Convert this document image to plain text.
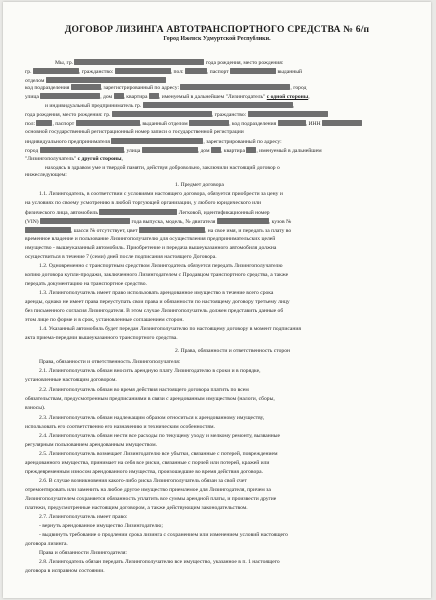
ДОГОВОР ЛИЗИНГА АВТОТРАНСПОРТНОГО СРЕДСТВА № 6/п
Город Ижевск Удмуртской Республики.
Мы, гр.	года рождения, место рождения:
гр.	, гражданство:	, пол:	, паспорт	выданный
отделом
код подразделения	, зарегистрированный по адресу:	, город
улица	, дом , квартира , именуемый в дальнейшем "Лизингодатель" с одной стороны,
и индивидуальный предприниматель гр.	,
года рождения, место рождения: гр.	, гражданство:
пол:	, паспорт	, выданный отделом	, код подразделения	, ИНН
основной государственный регистрационный номер записи о государственной регистрации
индивидуального предпринимателя	, зарегистрированный по адресу:
город	, улица	, дом , квартира , именуемый в дальнейшем
"Лизингополучатель" с другой стороны,
находясь в здравом уме и твердой памяти, действуя добровольно, заключили настоящий договор о
нижеследующем:
1. Предмет договора
1.1. Лизингодатель, в соответствии с условиями настоящего договора, обязуется приобрести за цену и
на условиях по своему усмотрению в любой торгующей организации, у любого юридического или
физического лица, автомобиль	Легковой, идентификационный номер
(VIN)	года выпуска, модель, № двигателя	, кузов №
, шасси № отсутствует, цвет	, на свое имя, и передать за плату во
временное владение и пользование Лизингополучателю для осуществления предпринимательских целей
имущество - вышеуказанный автомобиль. Приобретение и передача вышеуказанного автомобиля должна
осуществиться в течение 7 (семи) дней после подписания настоящего Договора.
1.2. Одновременно с транспортным средством Лизингодатель обязуется передать Лизингополучателю
копию договора купли-продажи, заключенного Лизингодателем с Продавцом транспортного средства, а также
передать документацию на транспортное средство.
1.3. Лизингополучатель имеет право использовать арендованное имущество в течение всего срока
аренды, однако не имеет права переуступать свои права и обязанности по настоящему договору третьему лицу
без письменного согласия Лизингодателя. В этом случае Лизингополучатель должен представить данные об
этом лице по форме и в срок, установленные соглашением сторон.
1.4. Указанный автомобиль будет передан Лизингополучателю по настоящему договору в момент подписания
акта приема-передачи вышеуказанного транспортного средства.
2. Права, обязанности и ответственность сторон
Права, обязанности и ответственность Лизингополучателя:
2.1. Лизингополучатель обязан вносить арендную плату Лизингодателю в сроки и в порядке,
установленные настоящим договором.
2.2. Лизингополучатель обязан во время действия настоящего договора платить по всем
обязательствам, предусмотренным предписаниями в связи с арендованным имуществом (налоги, сборы,
взносы).
2.3. Лизингополучатель обязан надлежащим образом относиться к арендованному имуществу,
использовать его соответственно его назначению и техническим особенностям.
2.4. Лизингополучатель обязан нести все расходы по текущему уходу и мелкому ремонту, вызванные
регулярным пользованием арендованным имуществом.
2.5. Лизингополучатель возмещает Лизингодателю все убытки, связанные с потерей, повреждением
арендованного имущества, принимает на себя все риски, связанные с порчей или потерей, кражей или
преждевременным износом арендованного имущества, произошедшие во время действия договора.
2.6. В случае возникновения какого-либо риска Лизингополучатель обязан за свой счет
отремонтировать или заменить на любое другое имущество приемлемое для Лизингодателя, причем за
Лизингополучателем сохраняется обязанность уплатить все суммы арендной платы, и произвести другие
платежи, предусмотренные настоящим договором, а также действующим законодательством.
2.7. Лизингополучатель имеет право:
- вернуть арендованное имущество Лизингодателю;
- выдвинуть требование о продлении срока лизинга с сохранением или изменением условий настоящего
договора лизинга.
Права и обязанности Лизингодателя:
2.8. Лизингодатель обязан передать Лизингополучателю все имущество, указанное в п. 1 настоящего
договора в исправном состоянии.
